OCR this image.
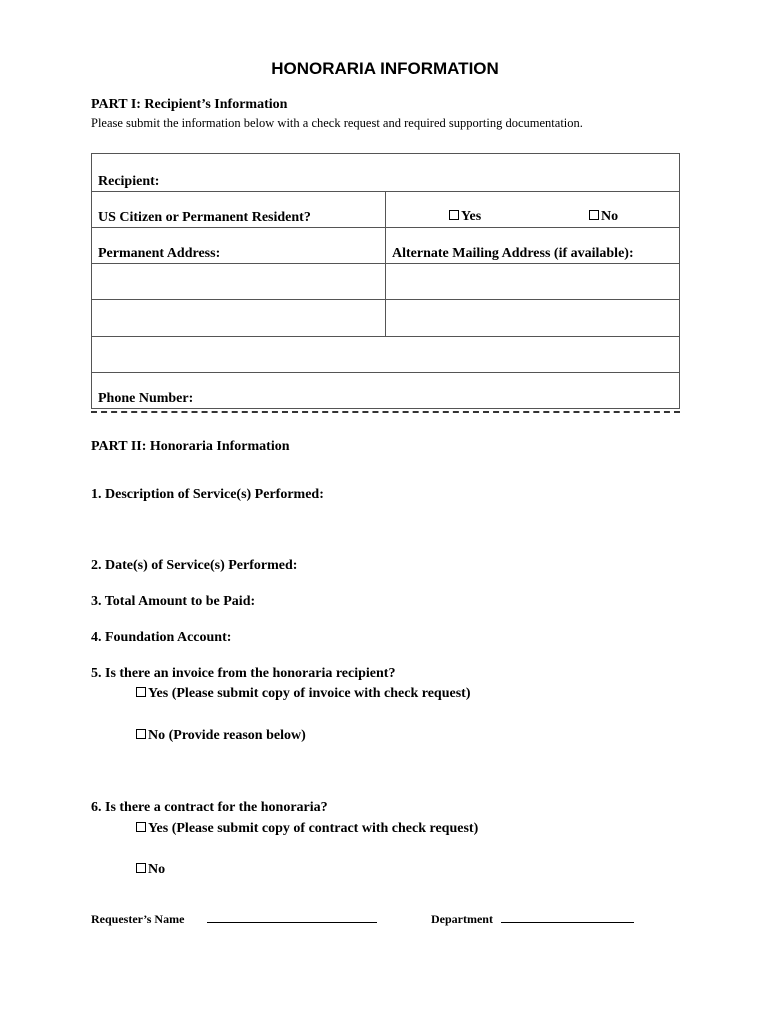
HONORARIA INFORMATION
PART I: Recipient’s Information
Please submit the information below with a check request and required supporting documentation.
Recipient:
US Citizen or Permanent Resident?	Yes	No
Permanent Address:	Alternate Mailing Address (if available):
Phone Number:
PART II: Honoraria Information
1. Description of Service(s) Performed:
2. Date(s) of Service(s) Performed:
3. Total Amount to be Paid:
4. Foundation Account:
5. Is there an invoice from the honoraria recipient?
Yes (Please submit copy of invoice with check request)
No (Provide reason below)
6. Is there a contract for the honoraria?
Yes (Please submit copy of contract with check request)
No
Requester’s Name	Department
